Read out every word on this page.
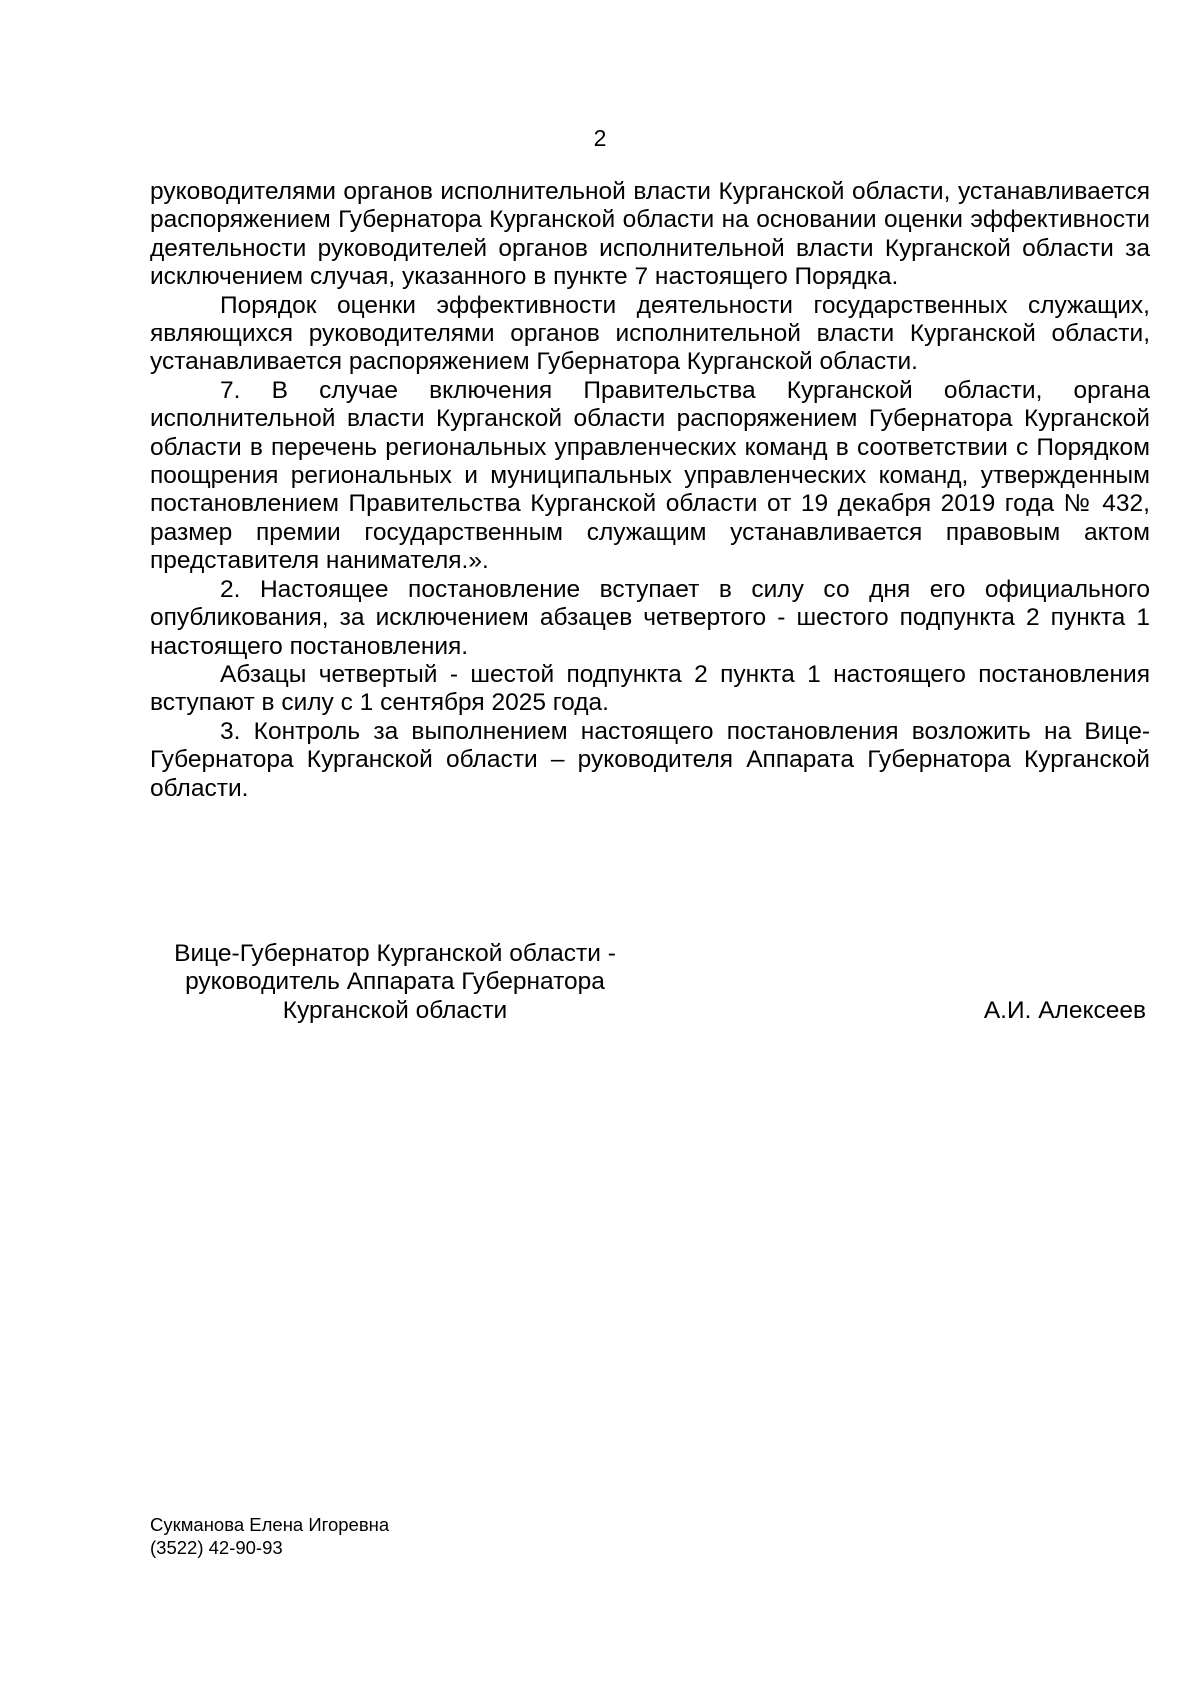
2

руководителями органов исполнительной власти Курганской области, устанавливается распоряжением Губернатора Курганской области на основании оценки эффективности деятельности руководителей органов исполнительной власти Курганской области за исключением случая, указанного в пункте 7 настоящего Порядка.

Порядок оценки эффективности деятельности государственных служащих, являющихся руководителями органов исполнительной власти Курганской области, устанавливается распоряжением Губернатора Курганской области.

7. В случае включения Правительства Курганской области, органа исполнительной власти Курганской области распоряжением Губернатора Курганской области в перечень региональных управленческих команд в соответствии с Порядком поощрения региональных и муниципальных управленческих команд, утвержденным постановлением Правительства Курганской области от 19 декабря 2019 года № 432, размер премии государственным служащим устанавливается правовым актом представителя нанимателя.».

2. Настоящее постановление вступает в силу со дня его официального опубликования, за исключением абзацев четвертого - шестого подпункта 2 пункта 1 настоящего постановления.

Абзацы четвертый - шестой подпункта 2 пункта 1 настоящего постановления вступают в силу с 1 сентября 2025 года.

3. Контроль за выполнением настоящего постановления возложить на Вице-Губернатора Курганской области – руководителя Аппарата Губернатора Курганской области.

Вице-Губернатор Курганской области -
руководитель Аппарата Губернатора
Курганской области	А.И. Алексеев
Сукманова Елена Игоревна
(3522) 42-90-93
